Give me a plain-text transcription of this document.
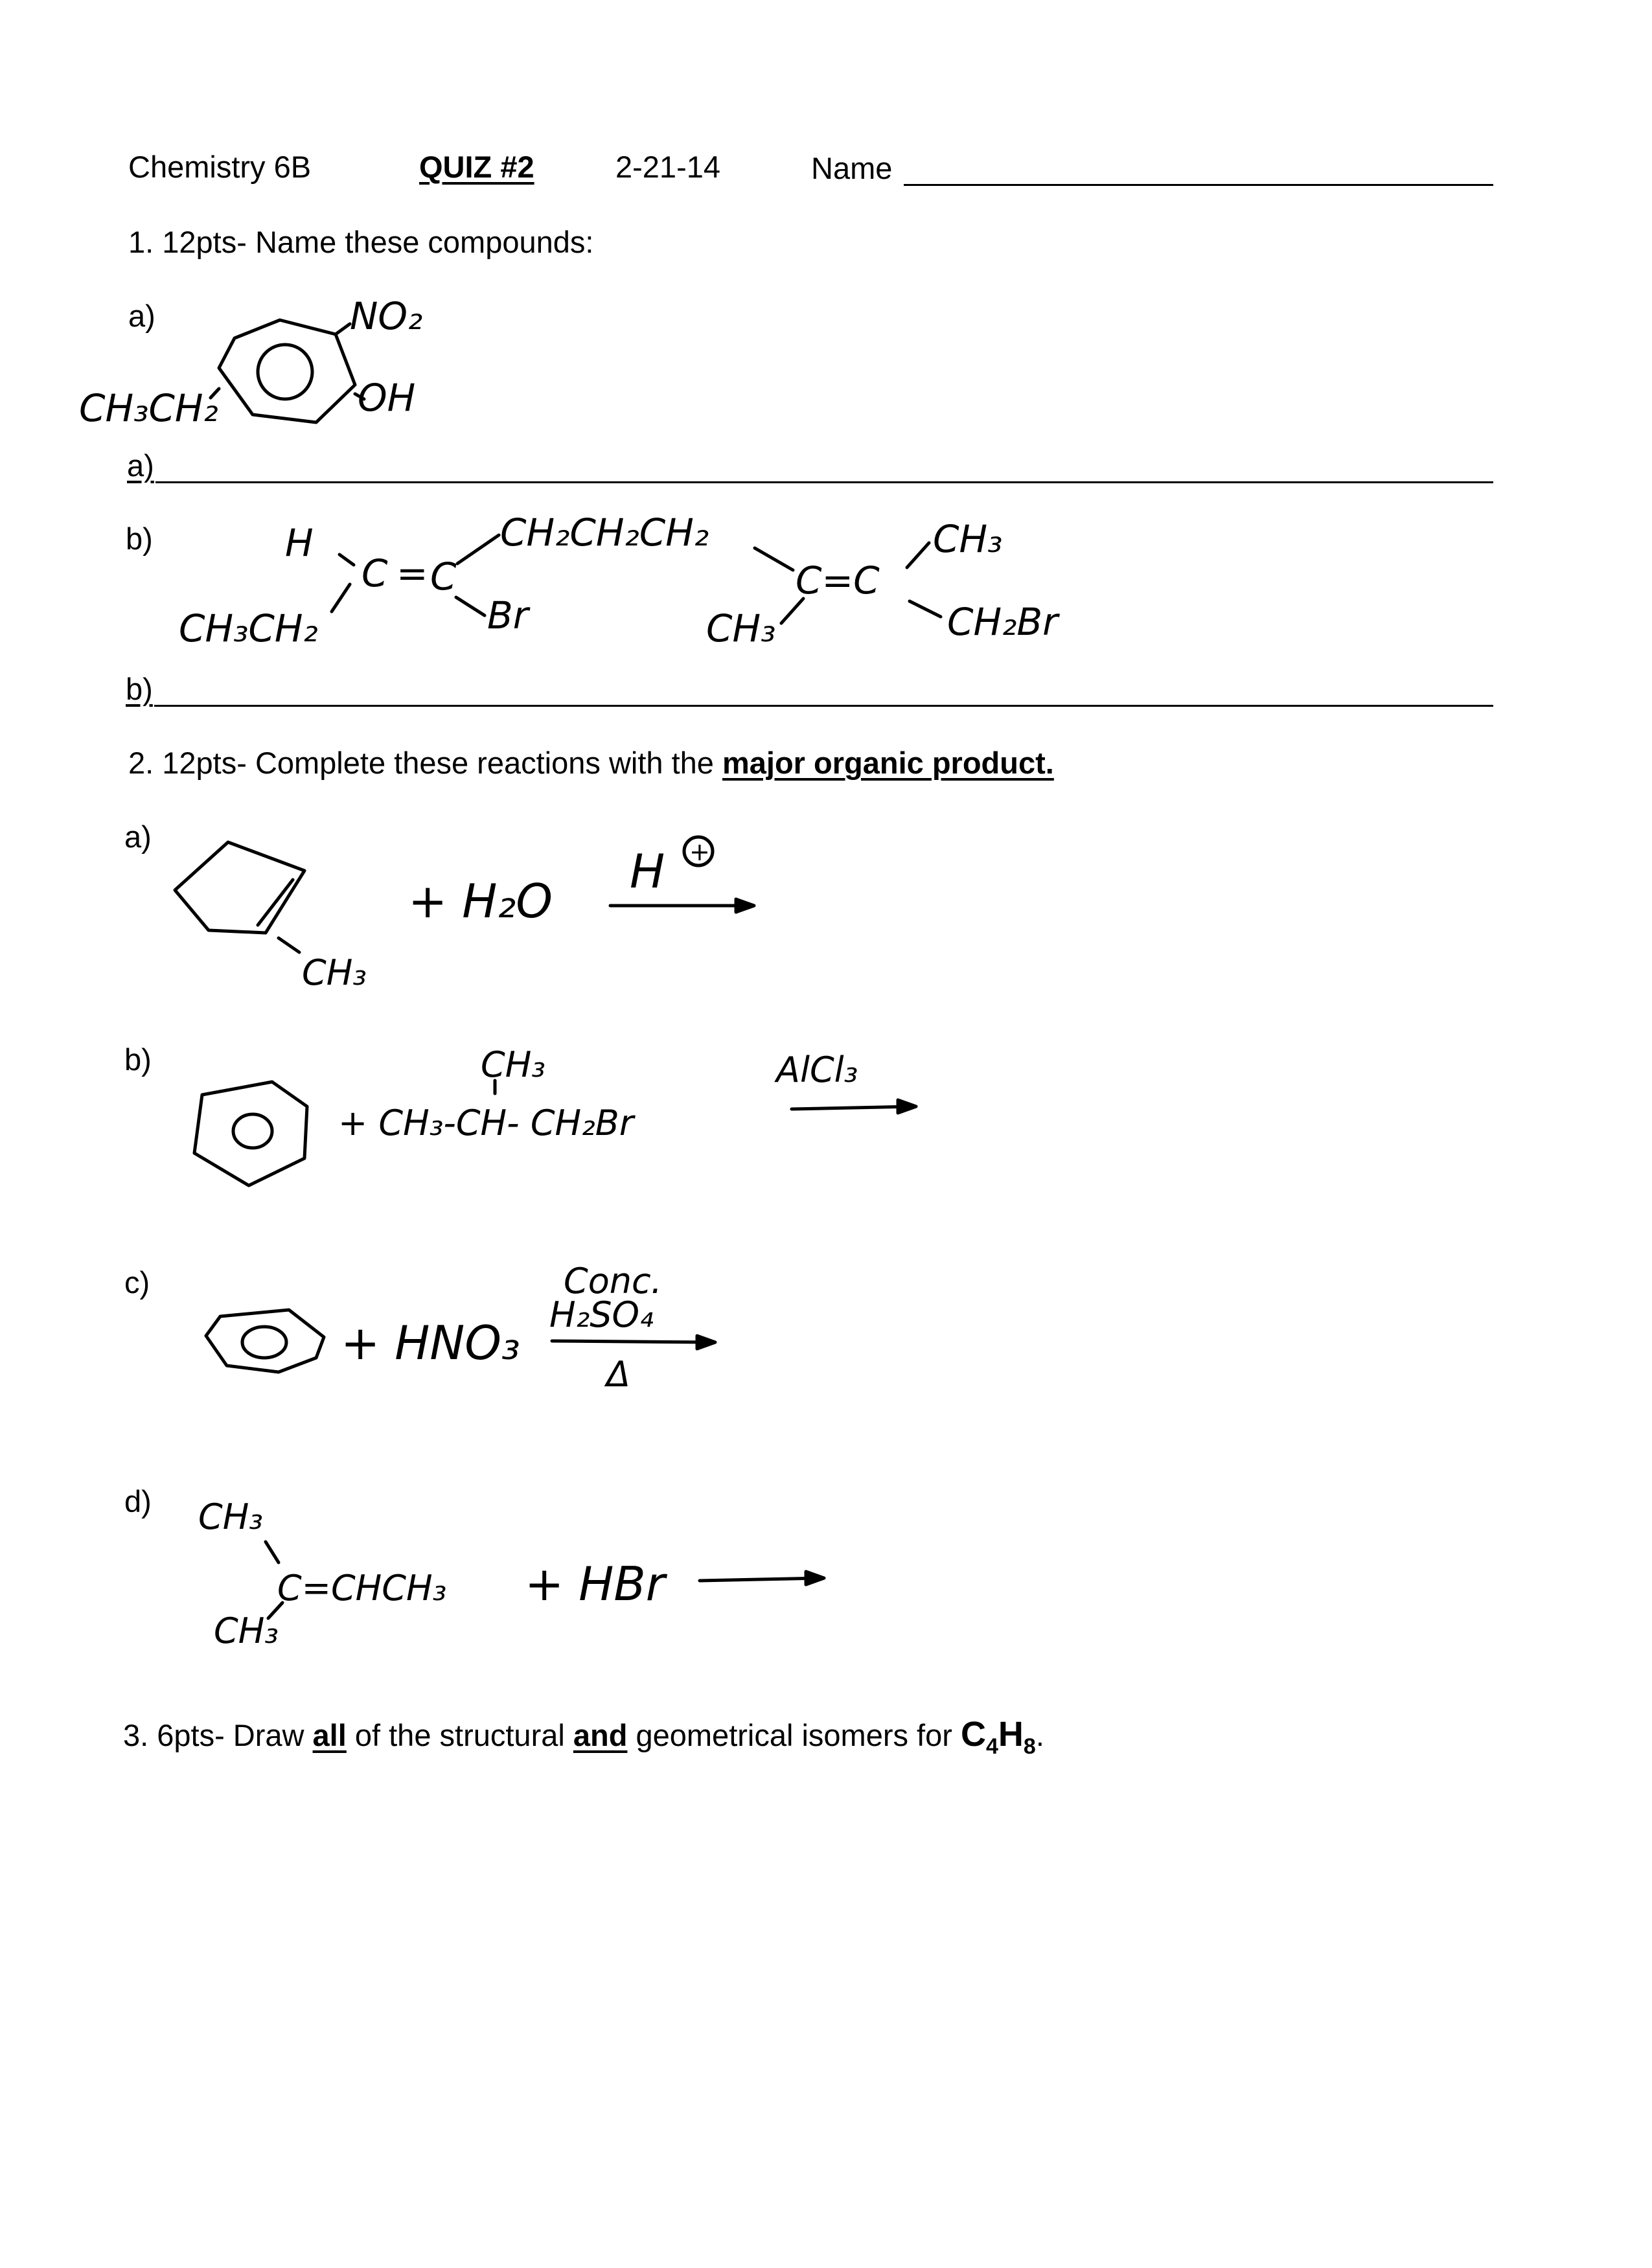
Chemistry 6B	QUIZ #2	2-21-14	Name
1. 12pts- Name these compounds:
a)
a)
b)
b)
2. 12pts- Complete these reactions with the major organic product.
a)
b)
c)
d)
3. 6pts- Draw all of the structural and geometrical isomers for $C_4H_8$.
NO₂
OH
CH₃CH₂
H
C = C
CH₃CH₂
CH₂CH₂CH₂
Br
C=C
CH₃
CH₃
CH₂Br
CH₃
+ H₂O
H +
CH₃
+ CH₃-CH- CH₂Br
AlCl₃
+ HNO₃
Conc.
H₂SO₄
Δ
CH₃
C=CHCH₃
CH₃
+ HBr
